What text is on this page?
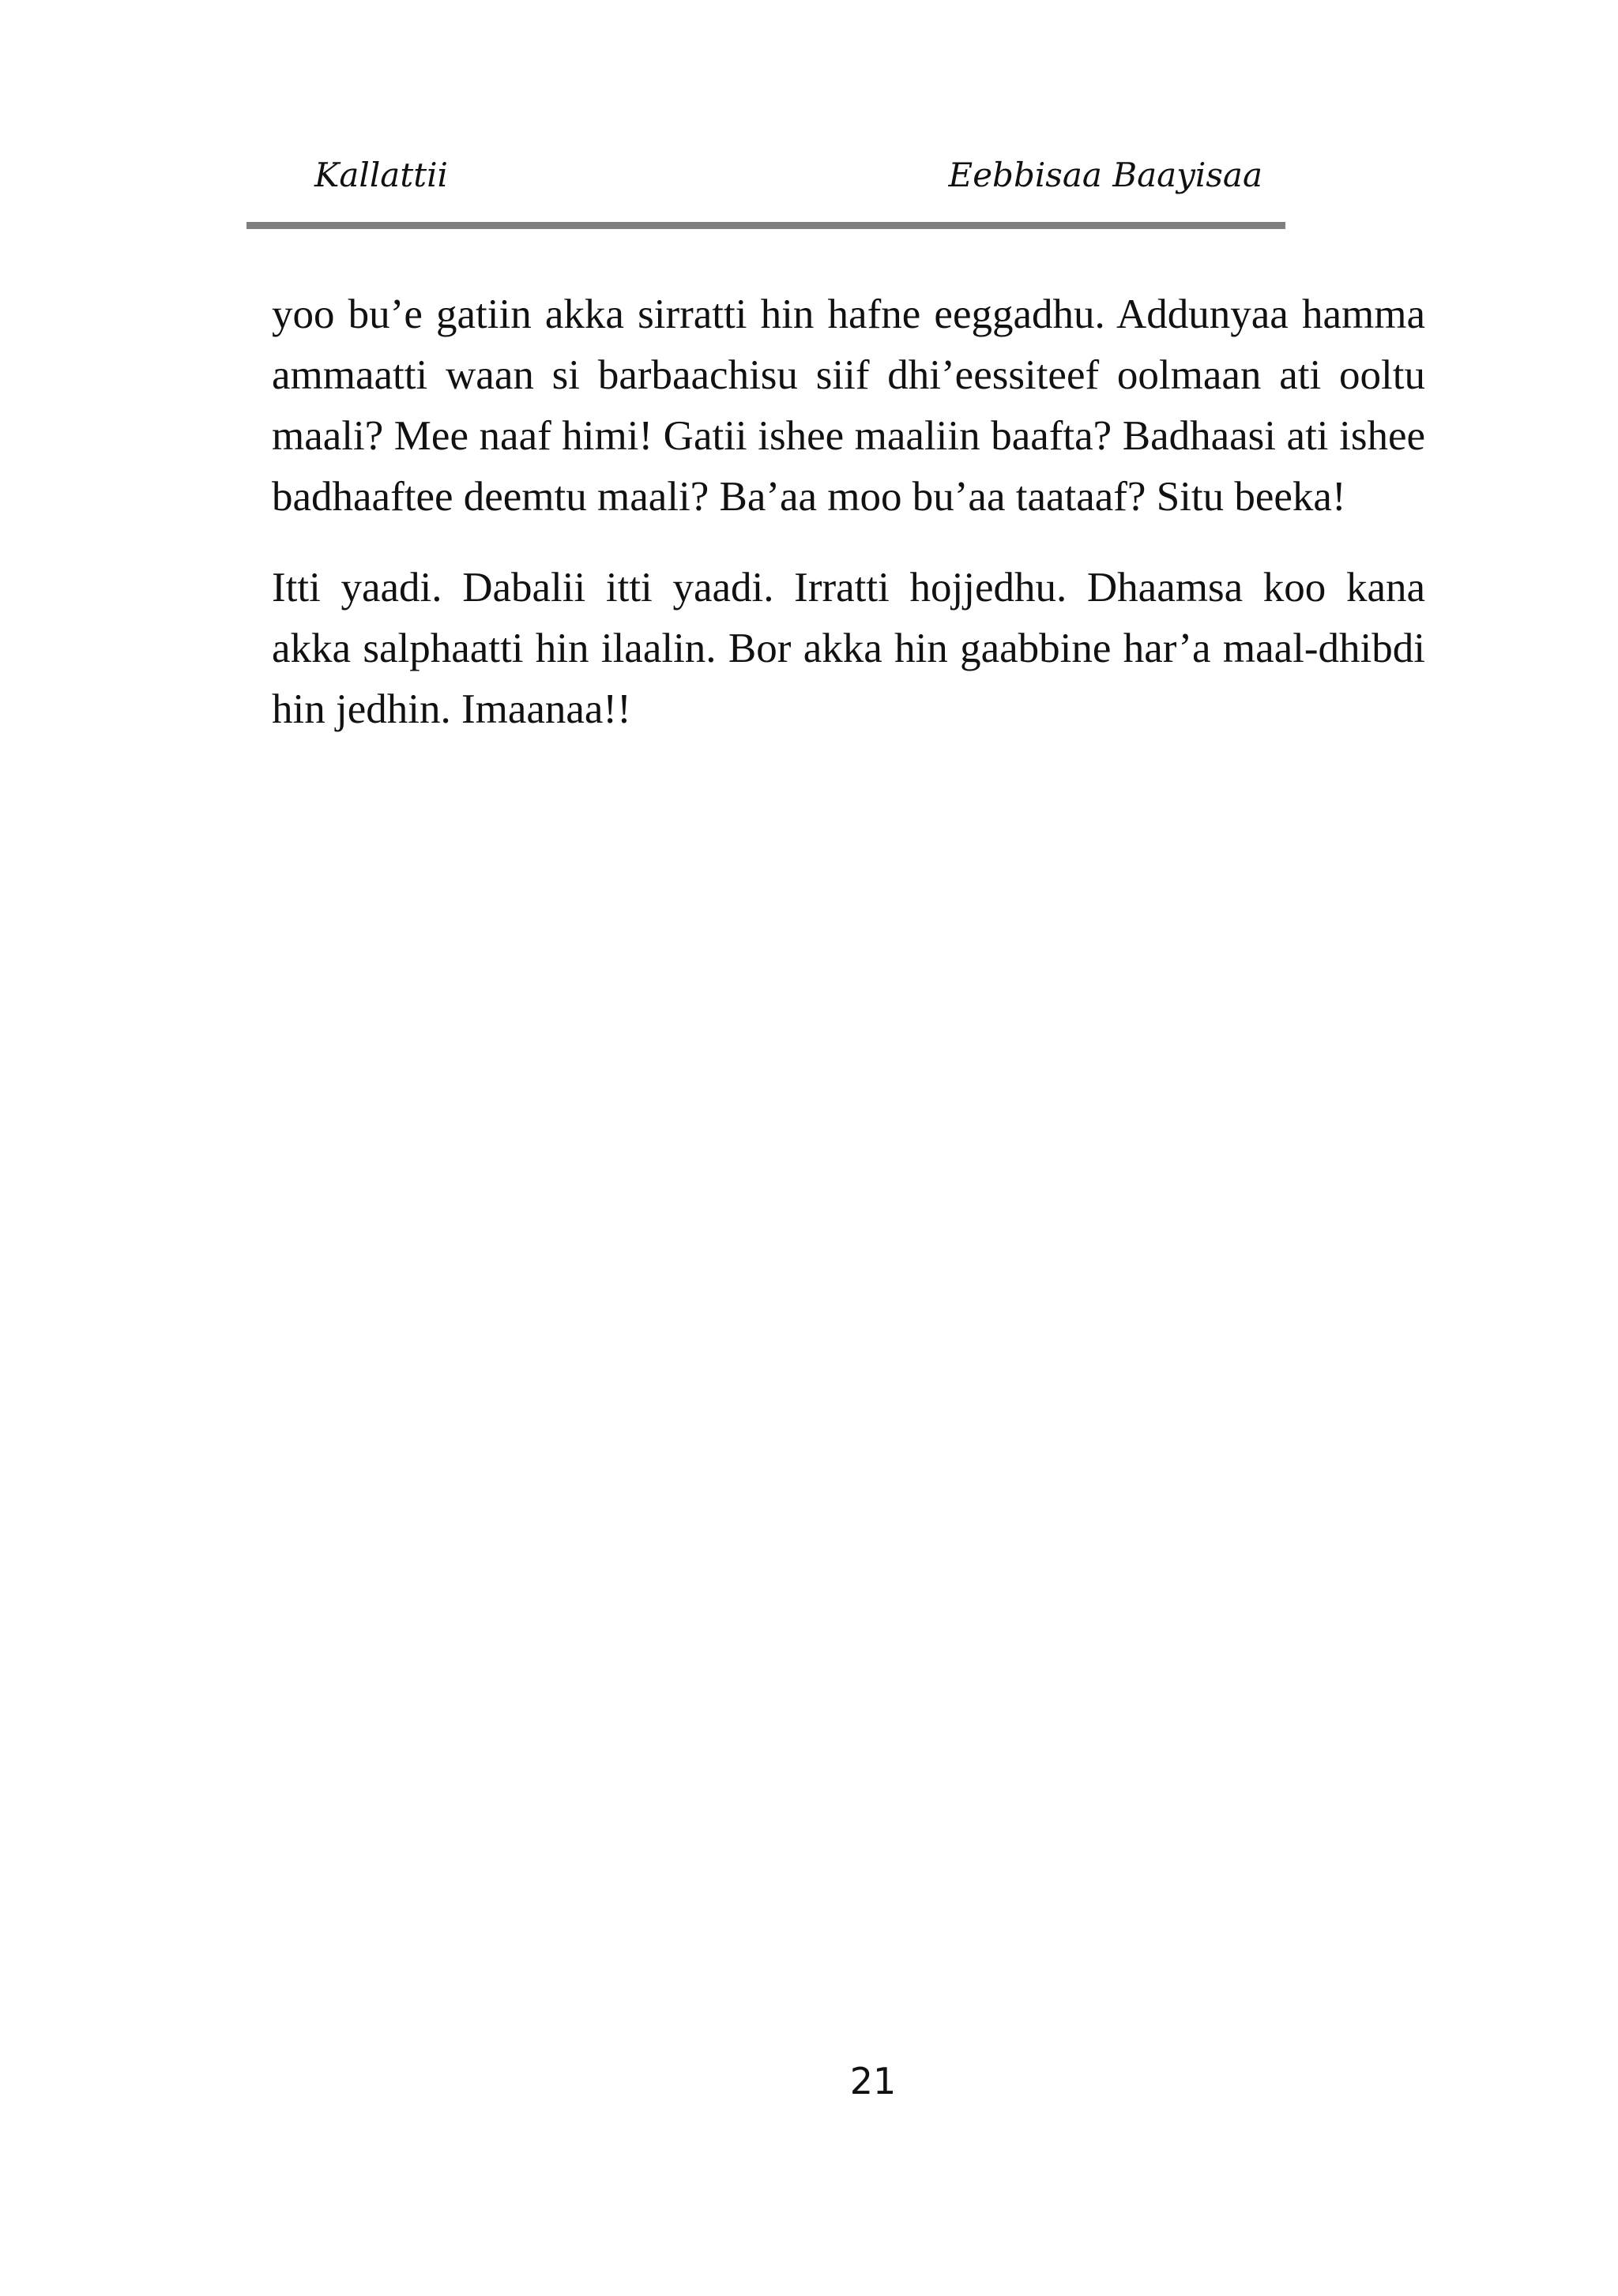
Kallattii	Eebbisaa Baayisaa

yoo bu’e gatiin akka sirratti hin hafne eeggadhu. Addunyaa hamma ammaatti waan si barbaachisu siif dhi’eessiteef oolmaan ati ooltu maali? Mee naaf himi! Gatii ishee maaliin baafta? Badhaasi ati ishee badhaaftee deemtu maali? Ba’aa moo bu’aa taataaf? Situ beeka!

Itti yaadi. Dabalii itti yaadi. Irratti hojjedhu. Dhaamsa koo kana akka salphaatti hin ilaalin. Bor akka hin gaabbine har’a maal-dhibdi hin jedhin. Imaanaa!!

21
